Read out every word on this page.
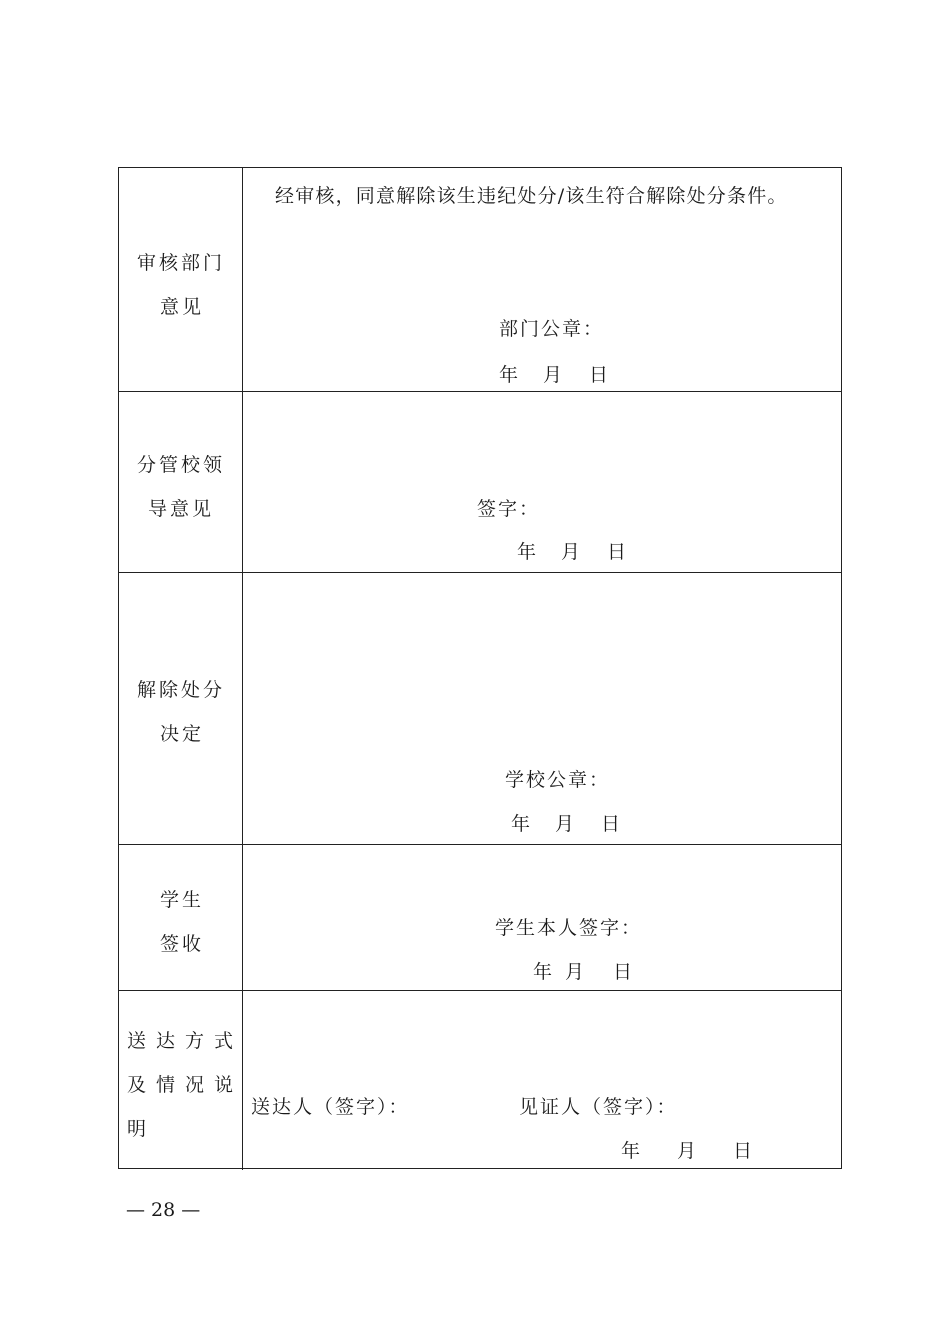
审核部门
意见
经审核，同意解除该生违纪处分/该生符合解除处分条件。
部门公章：
年 月 日
分管校领
导意见	签字：
年 月 日
解除处分
决定
学校公章：
年 月 日
学生
签收
学生本人签字：
年 月 日
送达方式
及情况说
明
送达人（签字）：	见证人（签字）：
年 月 日
— 28 —
